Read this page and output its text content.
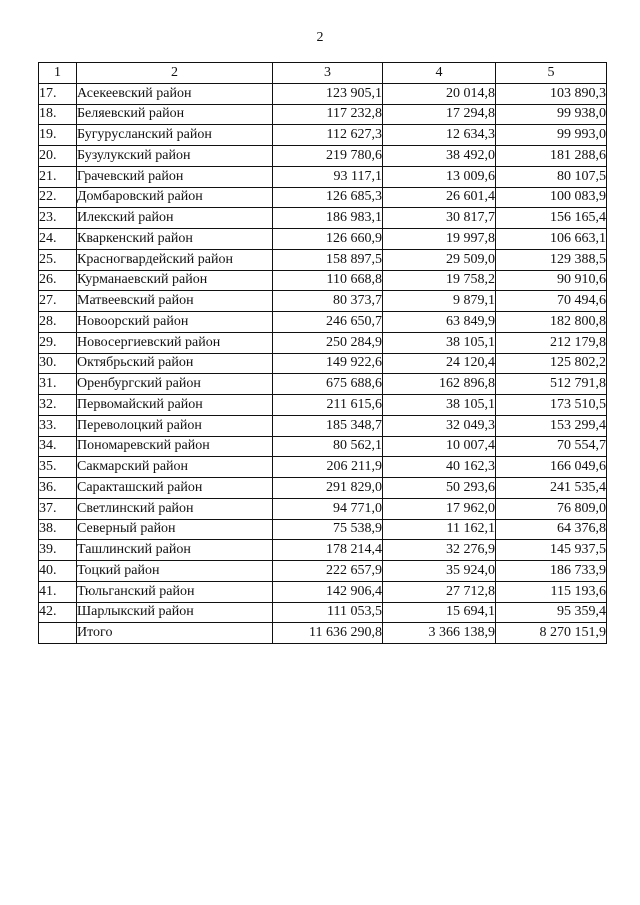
2
1	2	3	4	5
17.	Асекеевский район	123 905,1	20 014,8	103 890,3
18.	Беляевский район	117 232,8	17 294,8	99 938,0
19.	Бугурусланский район	112 627,3	12 634,3	99 993,0
20.	Бузулукский район	219 780,6	38 492,0	181 288,6
21.	Грачевский район	93 117,1	13 009,6	80 107,5
22.	Домбаровский район	126 685,3	26 601,4	100 083,9
23.	Илекский район	186 983,1	30 817,7	156 165,4
24.	Кваркенский район	126 660,9	19 997,8	106 663,1
25.	Красногвардейский район	158 897,5	29 509,0	129 388,5
26.	Курманаевский район	110 668,8	19 758,2	90 910,6
27.	Матвеевский район	80 373,7	9 879,1	70 494,6
28.	Новоорский район	246 650,7	63 849,9	182 800,8
29.	Новосергиевский район	250 284,9	38 105,1	212 179,8
30.	Октябрьский район	149 922,6	24 120,4	125 802,2
31.	Оренбургский район	675 688,6	162 896,8	512 791,8
32.	Первомайский район	211 615,6	38 105,1	173 510,5
33.	Переволоцкий район	185 348,7	32 049,3	153 299,4
34.	Пономаревский район	80 562,1	10 007,4	70 554,7
35.	Сакмарский район	206 211,9	40 162,3	166 049,6
36.	Саракташский район	291 829,0	50 293,6	241 535,4
37.	Светлинский район	94 771,0	17 962,0	76 809,0
38.	Северный район	75 538,9	11 162,1	64 376,8
39.	Ташлинский район	178 214,4	32 276,9	145 937,5
40.	Тоцкий район	222 657,9	35 924,0	186 733,9
41.	Тюльганский район	142 906,4	27 712,8	115 193,6
42.	Шарлыкский район	111 053,5	15 694,1	95 359,4
	Итого	11 636 290,8	3 366 138,9	8 270 151,9
